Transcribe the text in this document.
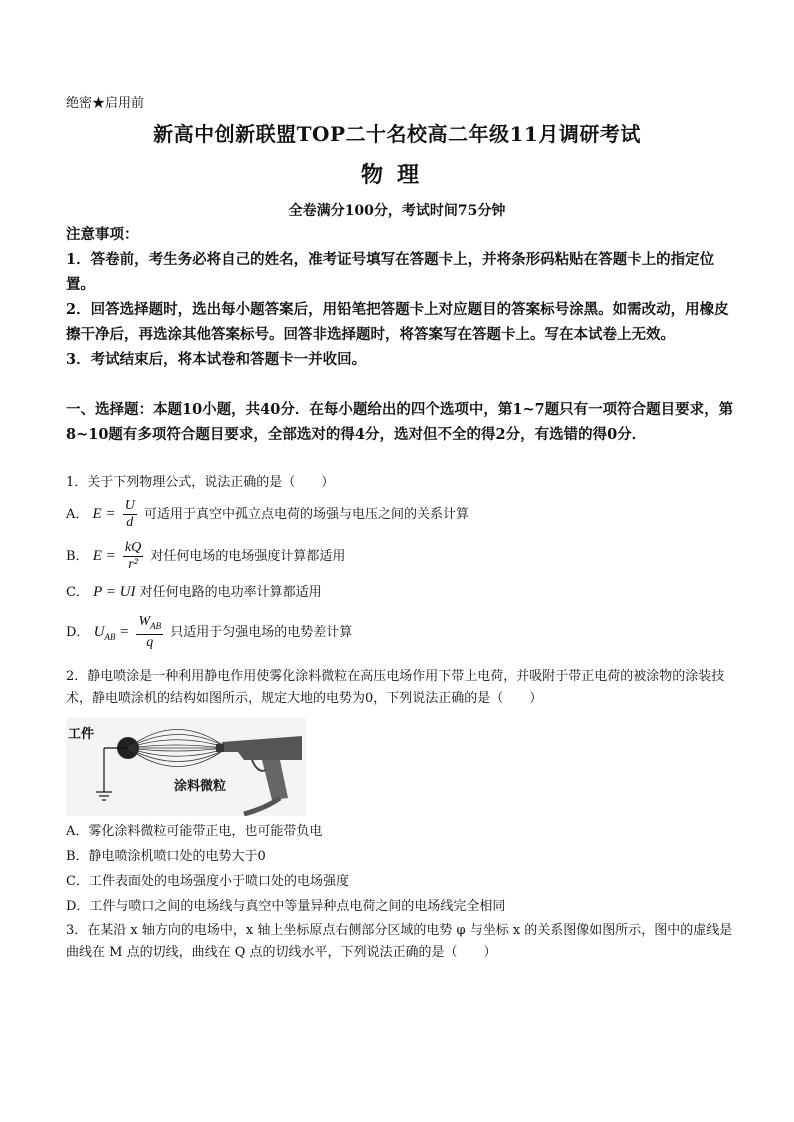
绝密★启用前
新高中创新联盟TOP二十名校高二年级11月调研考试
物理
全卷满分100分，考试时间75分钟

注意事项：

1．答卷前，考生务必将自己的姓名，准考证号填写在答题卡上，并将条形码粘贴在答题卡上的指定位置。

2．回答选择题时，选出每小题答案后，用铅笔把答题卡上对应题目的答案标号涂黑。如需改动，用橡皮擦干净后，再选涂其他答案标号。回答非选择题时，将答案写在答题卡上。写在本试卷上无效。

3．考试结束后，将本试卷和答题卡一并收回。

一、选择题：本题10小题，共40分．在每小题给出的四个选项中，第1~7题只有一项符合题目要求，第8~10题有多项符合题目要求，全部选对的得4分，选对但不全的得2分，有选错的得0分．
1．关于下列物理公式，说法正确的是（　　）
A． $E = \frac{U}{d}$ 可适用于真空中孤立点电荷的场强与电压之间的关系计算
B． $E = \frac{kQ}{\text{r²}}$ 对任何电场的电场强度计算都适用
C． P = UI 对任何电路的电功率计算都适用
D． $U_{AB} = \frac{W_{AB}}{q}$ 只适用于匀强电场的电势差计算
2．静电喷涂是一种利用静电作用使雾化涂料微粒在高压电场作用下带上电荷，并吸附于带正电荷的被涂物的涂装技术，静电喷涂机的结构如图所示，规定大地的电势为0，下列说法正确的是（　　）
工件
涂料微粒
A．雾化涂料微粒可能带正电，也可能带负电
B．静电喷涂机喷口处的电势大于0
C．工件表面处的电场强度小于喷口处的电场强度
D．工件与喷口之间的电场线与真空中等量异种点电荷之间的电场线完全相同
3．在某沿 x 轴方向的电场中，x 轴上坐标原点右侧部分区域的电势 φ 与坐标 x 的关系图像如图所示，图中的虚线是曲线在 M 点的切线，曲线在 Q 点的切线水平，下列说法正确的是（　　）
